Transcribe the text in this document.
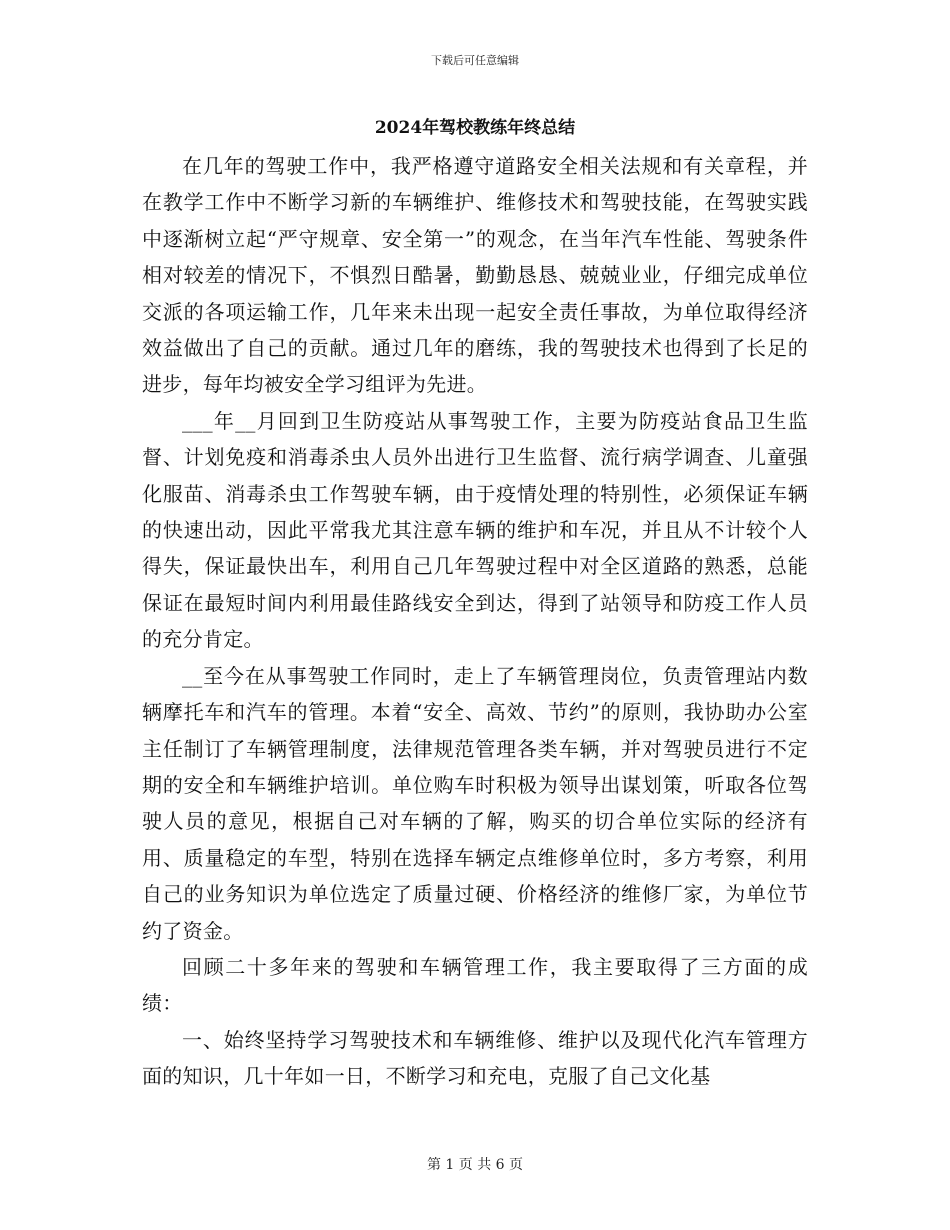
下载后可任意编辑
2024年驾校教练年终总结

在几年的驾驶工作中，我严格遵守道路安全相关法规和有关章程，并在教学工作中不断学习新的车辆维护、维修技术和驾驶技能，在驾驶实践中逐渐树立起“严守规章、安全第一”的观念，在当年汽车性能、驾驶条件相对较差的情况下，不惧烈日酷暑，勤勤恳恳、兢兢业业，仔细完成单位交派的各项运输工作，几年来未出现一起安全责任事故，为单位取得经济效益做出了自己的贡献。通过几年的磨练，我的驾驶技术也得到了长足的进步，每年均被安全学习组评为先进。

___年__月回到卫生防疫站从事驾驶工作，主要为防疫站食品卫生监督、计划免疫和消毒杀虫人员外出进行卫生监督、流行病学调查、儿童强化服苗、消毒杀虫工作驾驶车辆，由于疫情处理的特别性，必须保证车辆的快速出动，因此平常我尤其注意车辆的维护和车况，并且从不计较个人得失，保证最快出车，利用自己几年驾驶过程中对全区道路的熟悉，总能保证在最短时间内利用最佳路线安全到达，得到了站领导和防疫工作人员的充分肯定。

__至今在从事驾驶工作同时，走上了车辆管理岗位，负责管理站内数辆摩托车和汽车的管理。本着“安全、高效、节约”的原则，我协助办公室主任制订了车辆管理制度，法律规范管理各类车辆，并对驾驶员进行不定期的安全和车辆维护培训。单位购车时积极为领导出谋划策，听取各位驾驶人员的意见，根据自己对车辆的了解，购买的切合单位实际的经济有用、质量稳定的车型，特别在选择车辆定点维修单位时，多方考察，利用自己的业务知识为单位选定了质量过硬、价格经济的维修厂家，为单位节约了资金。

回顾二十多年来的驾驶和车辆管理工作，我主要取得了三方面的成绩：

一、始终坚持学习驾驶技术和车辆维修、维护以及现代化汽车管理方面的知识，几十年如一日，不断学习和充电，克服了自己文化基

第 1 页 共 6 页
